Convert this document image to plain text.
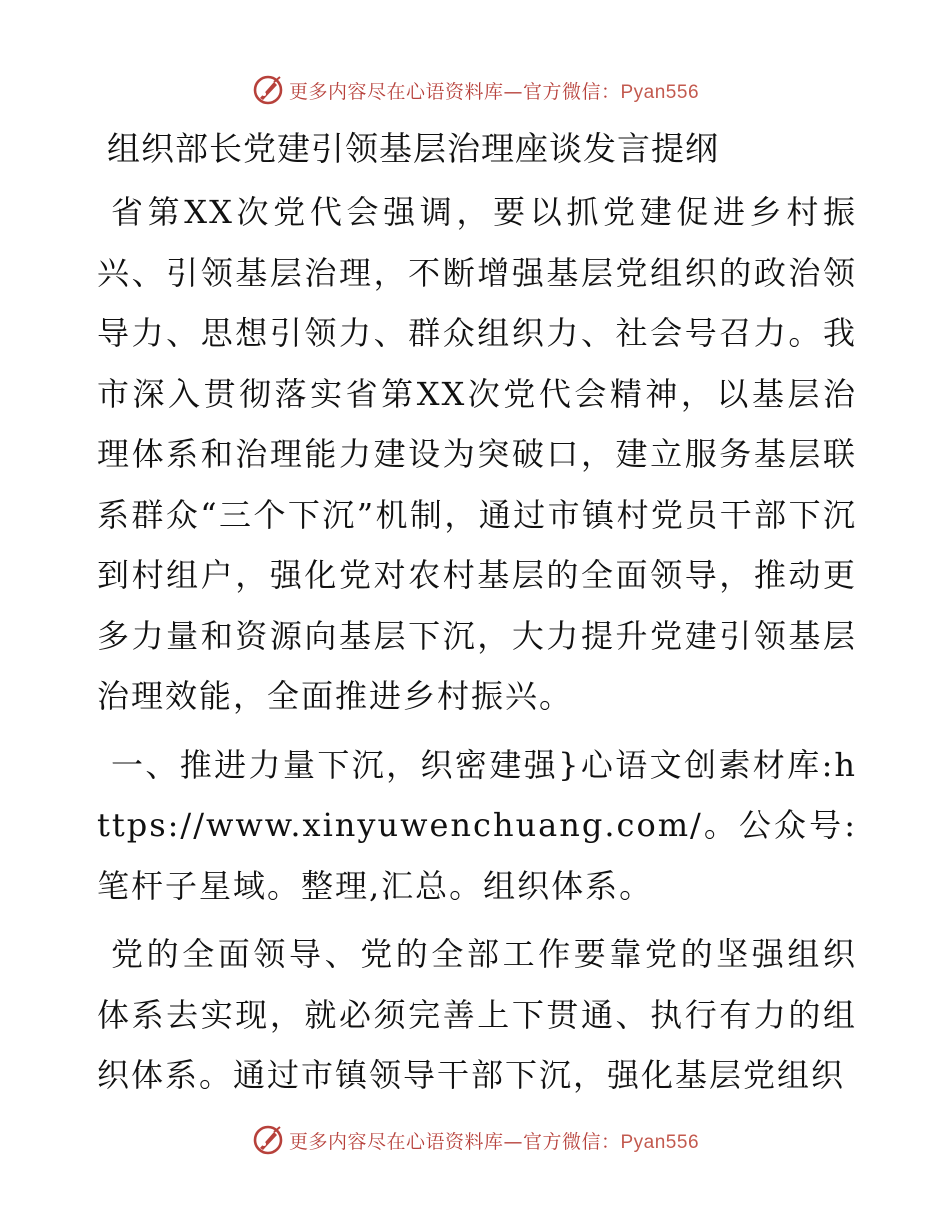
更多内容尽在心语资料库—官方微信：Pyan556
组织部长党建引领基层治理座谈发言提纲

省第XX次党代会强调，要以抓党建促进乡村振兴、引领基层治理，不断增强基层党组织的政治领导力、思想引领力、群众组织力、社会号召力。我市深入贯彻落实省第XX次党代会精神，以基层治理体系和治理能力建设为突破口，建立服务基层联系群众“三个下沉”机制，通过市镇村党员干部下沉到村组户，强化党对农村基层的全面领导，推动更多力量和资源向基层下沉，大力提升党建引领基层治理效能，全面推进乡村振兴。

一、推进力量下沉，织密建强}心语文创素材库:https://www.xinyuwenchuang.com/。公众号: 笔杆子星域。整理,汇总。组织体系。

党的全面领导、党的全部工作要靠党的坚强组织体系去实现，就必须完善上下贯通、执行有力的组织体系。通过市镇领导干部下沉，强化基层党组织

更多内容尽在心语资料库—官方微信：Pyan556
